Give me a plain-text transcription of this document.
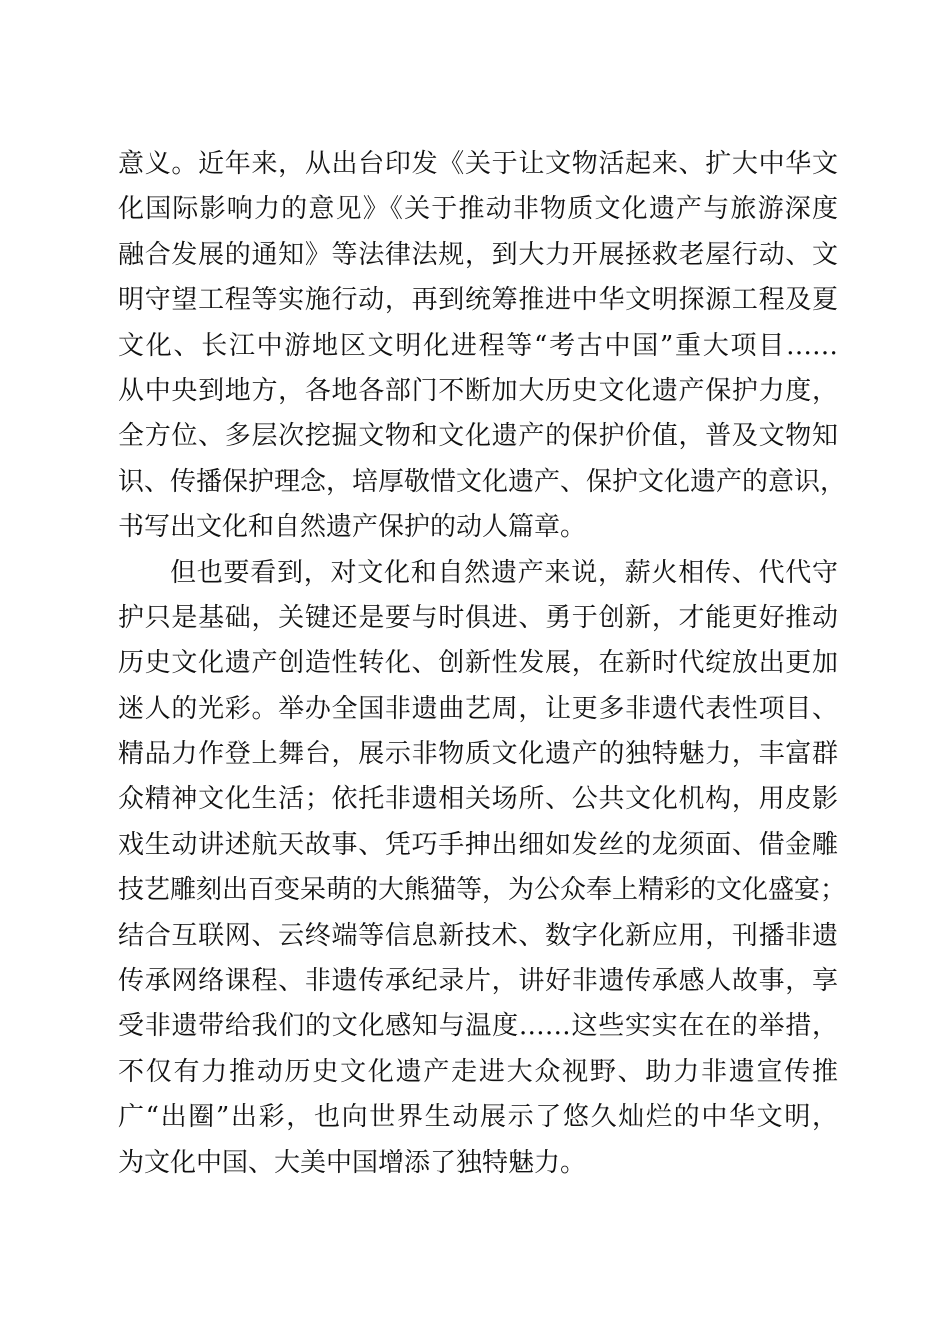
意义。近年来，从出台印发《关于让文物活起来、扩大中华文
化国际影响力的意见》《关于推动非物质文化遗产与旅游深度
融合发展的通知》等法律法规，到大力开展拯救老屋行动、文
明守望工程等实施行动，再到统筹推进中华文明探源工程及夏
文化、长江中游地区文明化进程等“考古中国”重大项目……
从中央到地方，各地各部门不断加大历史文化遗产保护力度，
全方位、多层次挖掘文物和文化遗产的保护价值，普及文物知
识、传播保护理念，培厚敬惜文化遗产、保护文化遗产的意识，
书写出文化和自然遗产保护的动人篇章。
但也要看到，对文化和自然遗产来说，薪火相传、代代守
护只是基础，关键还是要与时俱进、勇于创新，才能更好推动
历史文化遗产创造性转化、创新性发展，在新时代绽放出更加
迷人的光彩。举办全国非遗曲艺周，让更多非遗代表性项目、
精品力作登上舞台，展示非物质文化遗产的独特魅力，丰富群
众精神文化生活；依托非遗相关场所、公共文化机构，用皮影
戏生动讲述航天故事、凭巧手抻出细如发丝的龙须面、借金雕
技艺雕刻出百变呆萌的大熊猫等，为公众奉上精彩的文化盛宴；
结合互联网、云终端等信息新技术、数字化新应用，刊播非遗
传承网络课程、非遗传承纪录片，讲好非遗传承感人故事，享
受非遗带给我们的文化感知与温度……这些实实在在的举措，
不仅有力推动历史文化遗产走进大众视野、助力非遗宣传推
广“出圈”出彩，也向世界生动展示了悠久灿烂的中华文明，
为文化中国、大美中国增添了独特魅力。
